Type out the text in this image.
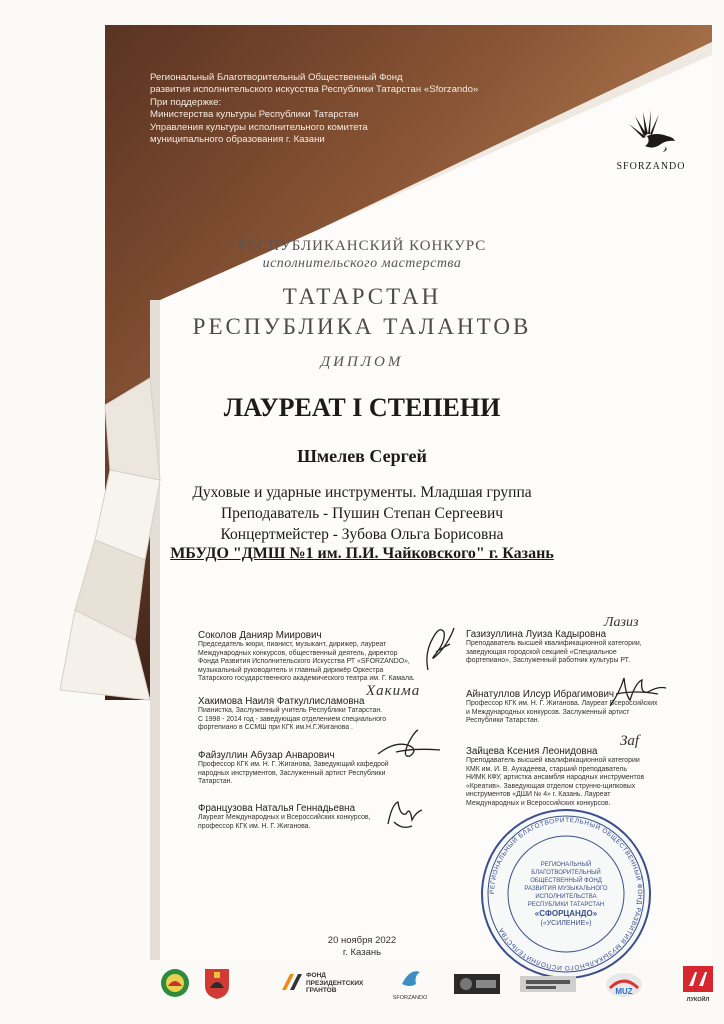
Региональный Благотворительный Общественный Фонд
развития исполнительского искусства Республики Татарстан «Sforzando»
При поддержке:
Министерства культуры Республики Татарстан
Управления культуры исполнительного комитета
муниципального образования г. Казани
SFORZANDO
РЕСПУБЛИКАНСКИЙ КОНКУРС
исполнительского мастерства
ТАТАРСТАН
РЕСПУБЛИКА ТАЛАНТОВ
ДИПЛОМ
ЛАУРЕАТ I СТЕПЕНИ
Шмелев Сергей
Духовые и ударные инструменты. Младшая группа
Преподаватель - Пушин Степан Сергеевич
Концертмейстер - Зубова Ольга Борисовна
МБУДО "ДМШ №1 им. П.И. Чайковского" г. Казань
Соколов Данияр Миирович
Председатель жюри, пианист, музыкант, дирижер, лауреат
Международных конкурсов, общественный деятель, директор
Фонда Развития Исполнительского Искусства РТ «SFORZANDO»,
музыкальный руководитель и главный дирижёр Оркестра
Татарского государственного академического театра им. Г. Камала.
Хакимова Наиля Фаткуллисламовна
Пианистка, Заслуженный учитель Республики Татарстан.
С 1998 - 2014 год - заведующая отделением специального
фортепиано в ССМШ при КГК им.Н.Г.Жиганова .
Файзуллин Абузар Анварович
Профессор КГК им. Н. Г. Жиганова, Заведующий кафедрой
народных инструментов, Заслуженный артист Республики
Татарстан.
Французова Наталья Геннадьевна
Лауреат Международных и Всероссийских конкурсов,
профессор КГК им. Н. Г. Жиганова.
Газизуллина Луиза Кадыровна
Преподаватель высшей квалификационной категории,
заведующая городской секцией «Специальное
фортепиано», Заслуженный работник культуры РТ.
Айнатуллов Илсур Ибрагимович
Профессор КГК им. Н. Г. Жиганова. Лауреат Всероссийских
и Международных конкурсов. Заслуженный артист
Республики Татарстан.
Зайцева Ксения Леонидовна
Преподаватель высшей квалификационной категории
КМК им. И. В. Аухадеева, старший преподаватель
НИМК КФУ, артистка ансамбля народных инструментов
«Креатив». Заведующая отделом струнно-щипковых
инструментов «ДШИ № 4» г. Казань. Лауреат
Международных и Всероссийских конкурсов.
Лазиз
Хакима
Заf
РЕГИОНАЛЬНЫЙ БЛАГОТВОРИТЕЛЬНЫЙ ОБЩЕСТВЕННЫЙ ФОНД РАЗВИТИЯ МУЗЫКАЛЬНОГО ИСПОЛНИТЕЛЬСТВА
РЕГИОНАЛЬНЫЙ
БЛАГОТВОРИТЕЛЬНЫЙ
ОБЩЕСТВЕННЫЙ ФОНД
РАЗВИТИЯ МУЗЫКАЛЬНОГО
ИСПОЛНИТЕЛЬСТВА
РЕСПУБЛИКИ ТАТАРСТАН
«СФОРЦАНДО»
(«УСИЛЕНИЕ»)
20 ноября 2022
г. Казань
ФОНД
ПРЕЗИДЕНТСКИХ
ГРАНТОВ
SFORZANDO
MUZ
ЛУКОЙЛ
